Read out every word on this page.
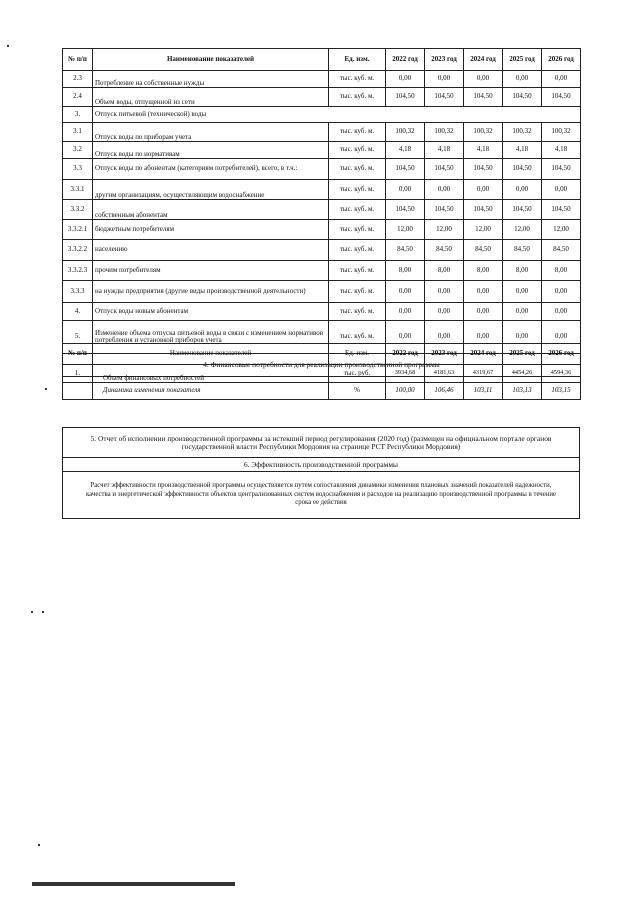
№ п/п	Наименование показателей	Ед. изм.	2022 год	2023 год	2024 год	2025 год	2026 год
2.3	Потребление на собственные нужды	тыс. куб. м.	0,00	0,00	0,00	0,00	0,00
2.4	Объем воды, отпущенной из сети	тыс. куб. м.	104,50	104,50	104,50	104,50	104,50
3.	Отпуск питьевой (технической) воды						
3.1	Отпуск воды по приборам учета	тыс. куб. м.	100,32	100,32	100,32	100,32	100,32
3.2	Отпуск воды по нормативам	тыс. куб. м.	4,18	4,18	4,18	4,18	4,18
3.3	Отпуск воды по абонентам (категориям потребителей), всего, в т.ч.:	тыс. куб. м.	104,50	104,50	104,50	104,50	104,50
3.3.1	другим организациям, осуществляющим водоснабжение	тыс. куб. м.	0,00	0,00	0,00	0,00	0,00
3.3.2	собственным абонентам	тыс. куб. м.	104,50	104,50	104,50	104,50	104,50
3.3.2.1	бюджетным потребителям	тыс. куб. м.	12,00	12,00	12,00	12,00	12,00
3.3.2.2	населению	тыс. куб. м.	84,50	84,50	84,50	84,50	84,50
3.3.2.3	прочим потребителям	тыс. куб. м.	8,00	8,00	8,00	8,00	8,00
3.3.3	на нужды предприятия (другие виды производственной деятельности)	тыс. куб. м.	0,00	0,00	0,00	0,00	0,00
4.	Отпуск воды новым абонентам	тыс. куб. м.	0,00	0,00	0,00	0,00	0,00
5.	Изменение объема отпуска питьевой воды в связи с изменением нормативов потребления и установкой приборов учета	тыс. куб. м.	0,00	0,00	0,00	0,00	0,00
4. Финансовые потребности для реализации производственной программы							
№ п/п	Наименование показателей	Ед. изм.	2022 год	2023 год	2024 год	2025 год	2026 год
1.	Объем финансовых потребностей	тыс. руб.	3934,68	4181,63	4319,67	4454,26	4594,36
	Динамика изменения показателя	%	100,00	106,46	103,11	103,13	103,15
5. Отчет об исполнении производственной программы за истекший период регулирования (2020 год) (размещен на официальном портале органов государственной власти Республики Мордовия на странице РСТ Республики Мордовия)
6. Эффективность производственной программы
Расчет эффективности производственной программы осуществляется путем сопоставления динамики изменения плановых значений показателей надежности, качества и энергетической эффективности объектов централизованных систем водоснабжения и расходов на реализацию производственной программы в течение срока ее действия
